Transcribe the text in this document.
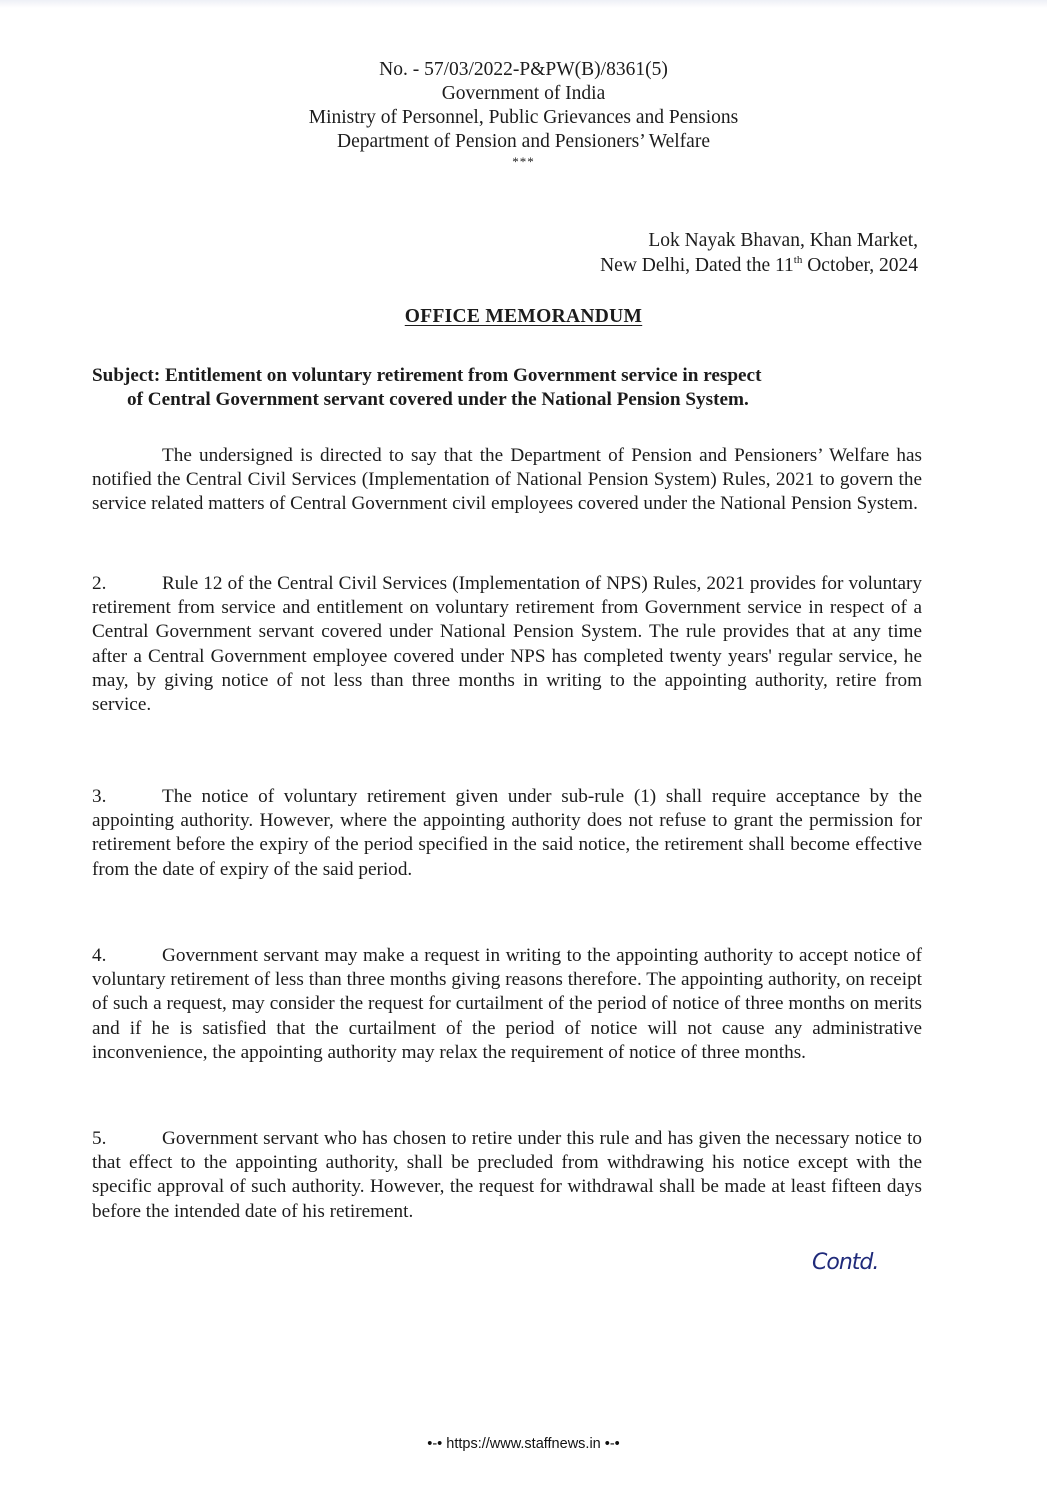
No. - 57/03/2022-P&PW(B)/8361(5)
Government of India
Ministry of Personnel, Public Grievances and Pensions
Department of Pension and Pensioners’ Welfare
***
Lok Nayak Bhavan, Khan Market,
New Delhi, Dated the 11th October, 2024
OFFICE MEMORANDUM
Subject: Entitlement on voluntary retirement from Government service in respect
of Central Government servant covered under the National Pension System.
The undersigned is directed to say that the Department of Pension and Pensioners’ Welfare has notified the Central Civil Services (Implementation of National Pension System) Rules, 2021 to govern the service related matters of Central Government civil employees covered under the National Pension System.
2.	Rule 12 of the Central Civil Services (Implementation of NPS) Rules, 2021 provides for voluntary retirement from service and entitlement on voluntary retirement from Government service in respect of a Central Government servant covered under National Pension System. The rule provides that at any time after a Central Government employee covered under NPS has completed twenty years' regular service, he may, by giving notice of not less than three months in writing to the appointing authority, retire from service.
3.	The notice of voluntary retirement given under sub-rule (1) shall require acceptance by the appointing authority. However, where the appointing authority does not refuse to grant the permission for retirement before the expiry of the period specified in the said notice, the retirement shall become effective from the date of expiry of the said period.
4.	Government servant may make a request in writing to the appointing authority to accept notice of voluntary retirement of less than three months giving reasons therefore. The appointing authority, on receipt of such a request, may consider the request for curtailment of the period of notice of three months on merits and if he is satisfied that the curtailment of the period of notice will not cause any administrative inconvenience, the appointing authority may relax the requirement of notice of three months.
5.	Government servant who has chosen to retire under this rule and has given the necessary notice to that effect to the appointing authority, shall be precluded from withdrawing his notice except with the specific approval of such authority. However, the request for withdrawal shall be made at least fifteen days before the intended date of his retirement.
Contd.
•-• https://www.staffnews.in •-•
